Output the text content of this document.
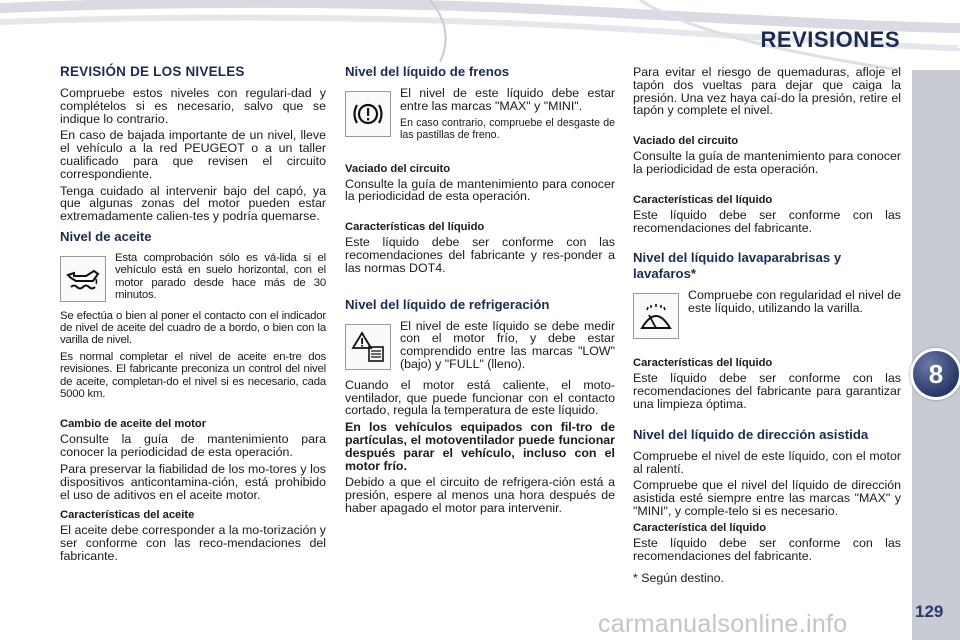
REVISIONES
8
129
REVISIÓN DE LOS NIVELES

Compruebe estos niveles con regulari-dad y complételos si es necesario, salvo que se indique lo contrario.

En caso de bajada importante de un nivel, lleve el vehículo a la red PEUGEOT o a un taller cualificado para que revisen el circuito correspondiente.

Tenga cuidado al intervenir bajo del capó, ya que algunas zonas del motor pueden estar extremadamente calien-tes y podría quemarse.

Nivel de aceite

Esta comprobación sólo es vá-lida si el vehículo está en suelo horizontal, con el motor parado desde hace más de 30 minutos.

Se efectúa o bien al poner el contacto con el indicador de nivel de aceite del cuadro de a bordo, o bien con la varilla de nivel.

Es normal completar el nivel de aceite en-tre dos revisiones. El fabricante preconiza un control del nivel de aceite, completan-do el nivel si es necesario, cada 5000 km.

Cambio de aceite del motor

Consulte la guía de mantenimiento para conocer la periodicidad de esta operación.

Para preservar la fiabilidad de los mo-tores y los dispositivos anticontamina-ción, está prohibido el uso de aditivos en el aceite motor.

Características del aceite

El aceite debe corresponder a la mo-torización y ser conforme con las reco-mendaciones del fabricante.

Nivel del líquido de frenos

El nivel de este líquido debe estar entre las marcas "MAX" y "MINI".

En caso contrario, compruebe el desgaste de las pastillas de freno.

Vaciado del circuito

Consulte la guía de mantenimiento para conocer la periodicidad de esta operación.

Características del líquido

Este líquido debe ser conforme con las recomendaciones del fabricante y res-ponder a las normas DOT4.

Nivel del líquido de refrigeración

El nivel de este líquido se debe medir con el motor frío, y debe estar comprendido entre las marcas "LOW" (bajo) y "FULL" (lleno).

Cuando el motor está caliente, el moto-ventilador, que puede funcionar con el contacto cortado, regula la temperatura de este líquido.

En los vehículos equipados con fil-tro de partículas, el motoventilador puede funcionar después parar el vehículo, incluso con el motor frío.

Debido a que el circuito de refrigera-ción está a presión, espere al menos una hora después de haber apagado el motor para intervenir.

Para evitar el riesgo de quemaduras, afloje el tapón dos vueltas para dejar que caiga la presión. Una vez haya caí-do la presión, retire el tapón y complete el nivel.

Vaciado del circuito

Consulte la guía de mantenimiento para conocer la periodicidad de esta operación.

Características del líquido

Este líquido debe ser conforme con las recomendaciones del fabricante.

Nivel del líquido lavaparabrisas y lavafaros*

Compruebe con regularidad el nivel de este líquido, utilizando la varilla.

Características del líquido

Este líquido debe ser conforme con las recomendaciones del fabricante para garantizar una limpieza óptima.

Nivel del líquido de dirección asistida

Compruebe el nivel de este líquido, con el motor al ralentí.

Compruebe que el nivel del líquido de dirección asistida esté siempre entre las marcas "MAX" y "MINI", y comple-telo si es necesario.

Característica del líquido

Este líquido debe ser conforme con las recomendaciones del fabricante.

* Según destino.

carmanualsonline.info
